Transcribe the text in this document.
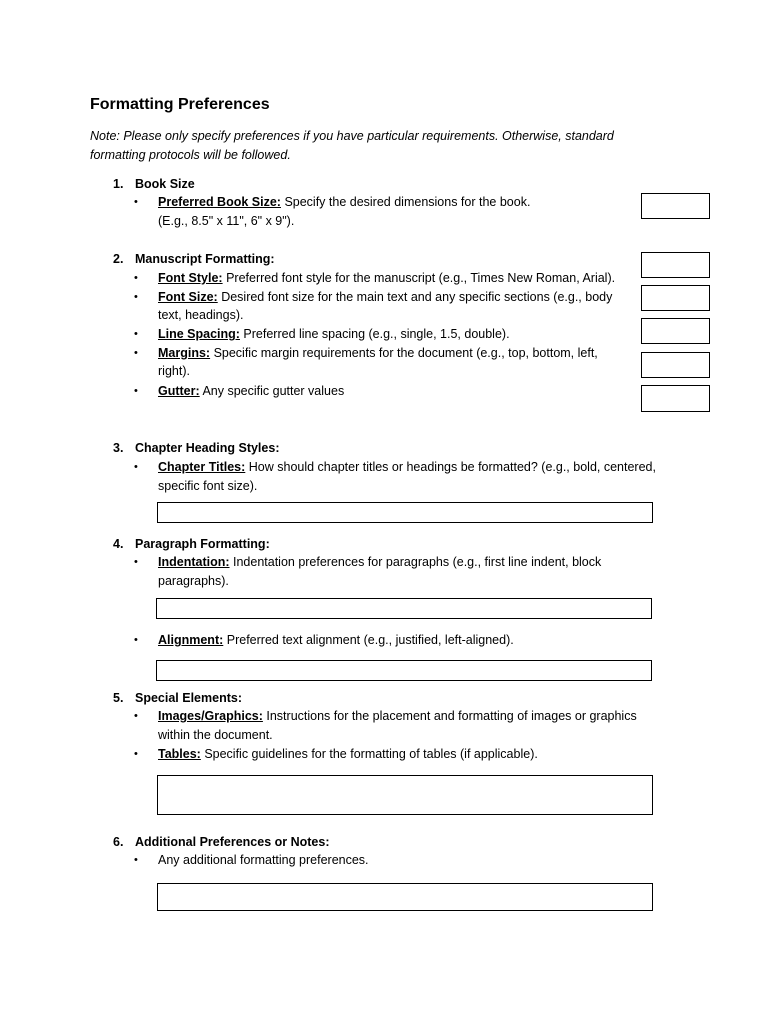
Formatting Preferences
Note: Please only specify preferences if you have particular requirements. Otherwise, standard
formatting protocols will be followed.
1. Book Size
• Preferred Book Size: Specify the desired dimensions for the book.
(E.g., 8.5" x 11", 6" x 9").
2. Manuscript Formatting:
• Font Style: Preferred font style for the manuscript (e.g., Times New Roman, Arial).
• Font Size: Desired font size for the main text and any specific sections (e.g., body
text, headings).
• Line Spacing: Preferred line spacing (e.g., single, 1.5, double).
• Margins: Specific margin requirements for the document (e.g., top, bottom, left,
right).
• Gutter: Any specific gutter values
3. Chapter Heading Styles:
• Chapter Titles: How should chapter titles or headings be formatted? (e.g., bold, centered,
specific font size).
4. Paragraph Formatting:
• Indentation: Indentation preferences for paragraphs (e.g., first line indent, block
paragraphs).
• Alignment: Preferred text alignment (e.g., justified, left-aligned).
5. Special Elements:
• Images/Graphics: Instructions for the placement and formatting of images or graphics
within the document.
• Tables: Specific guidelines for the formatting of tables (if applicable).
6. Additional Preferences or Notes:
• Any additional formatting preferences.
